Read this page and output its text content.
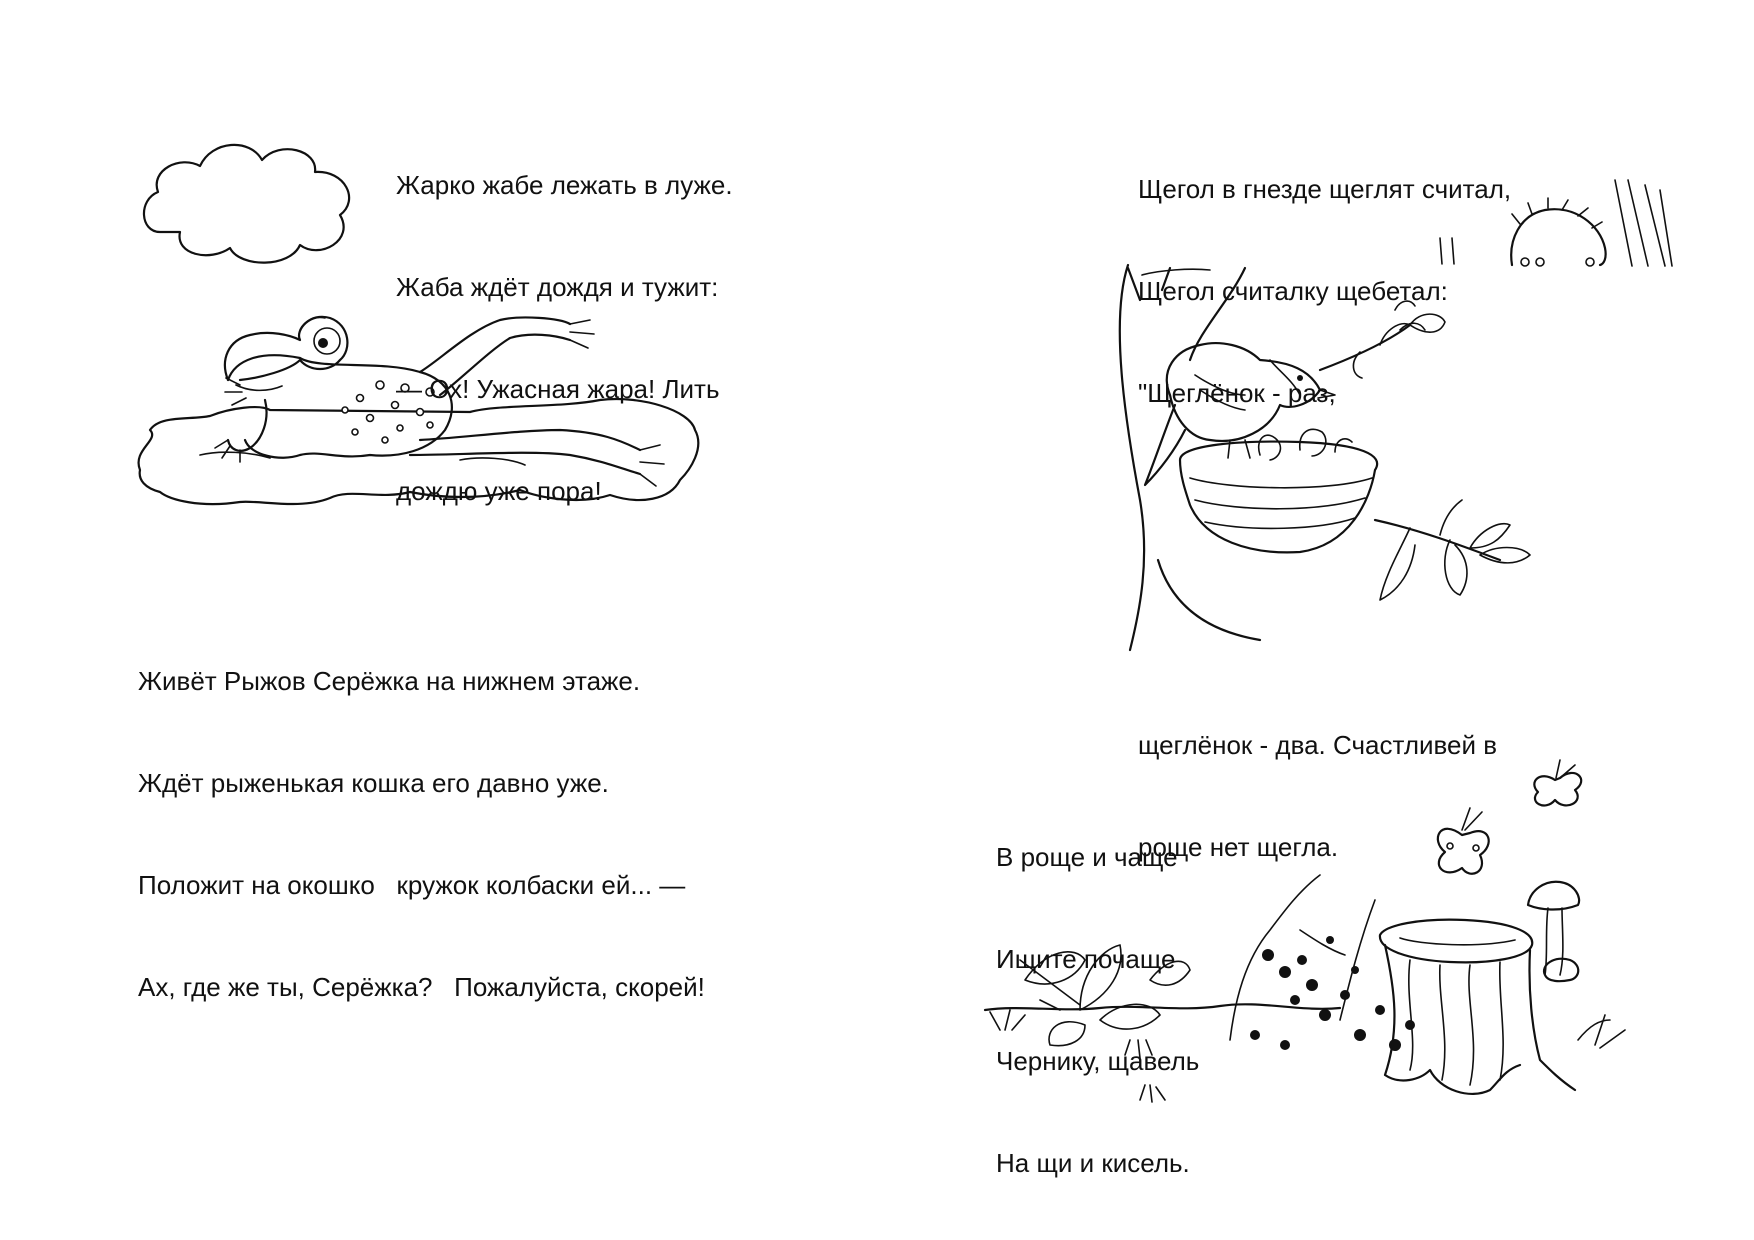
Жарко жабе лежать в луже.

Жаба ждёт дождя и тужит:

— Ох! Ужасная жара! Лить

дождю уже пора!

Живёт Рыжов Серёжка на нижнем этаже.

Ждёт рыженькая кошка его давно уже.

Положит на окошко   кружок колбаски ей... —

Ах, где же ты, Серёжка?   Пожалуйста, скорей!

Щегол в гнезде щеглят считал,

Щегол считалку щебетал:

"Щеглёнок - раз,

щеглёнок - два. Счастливей в

роще нет щегла.

В роще и чаще

Ищите почаще

Чернику, щавель

На щи и кисель.
